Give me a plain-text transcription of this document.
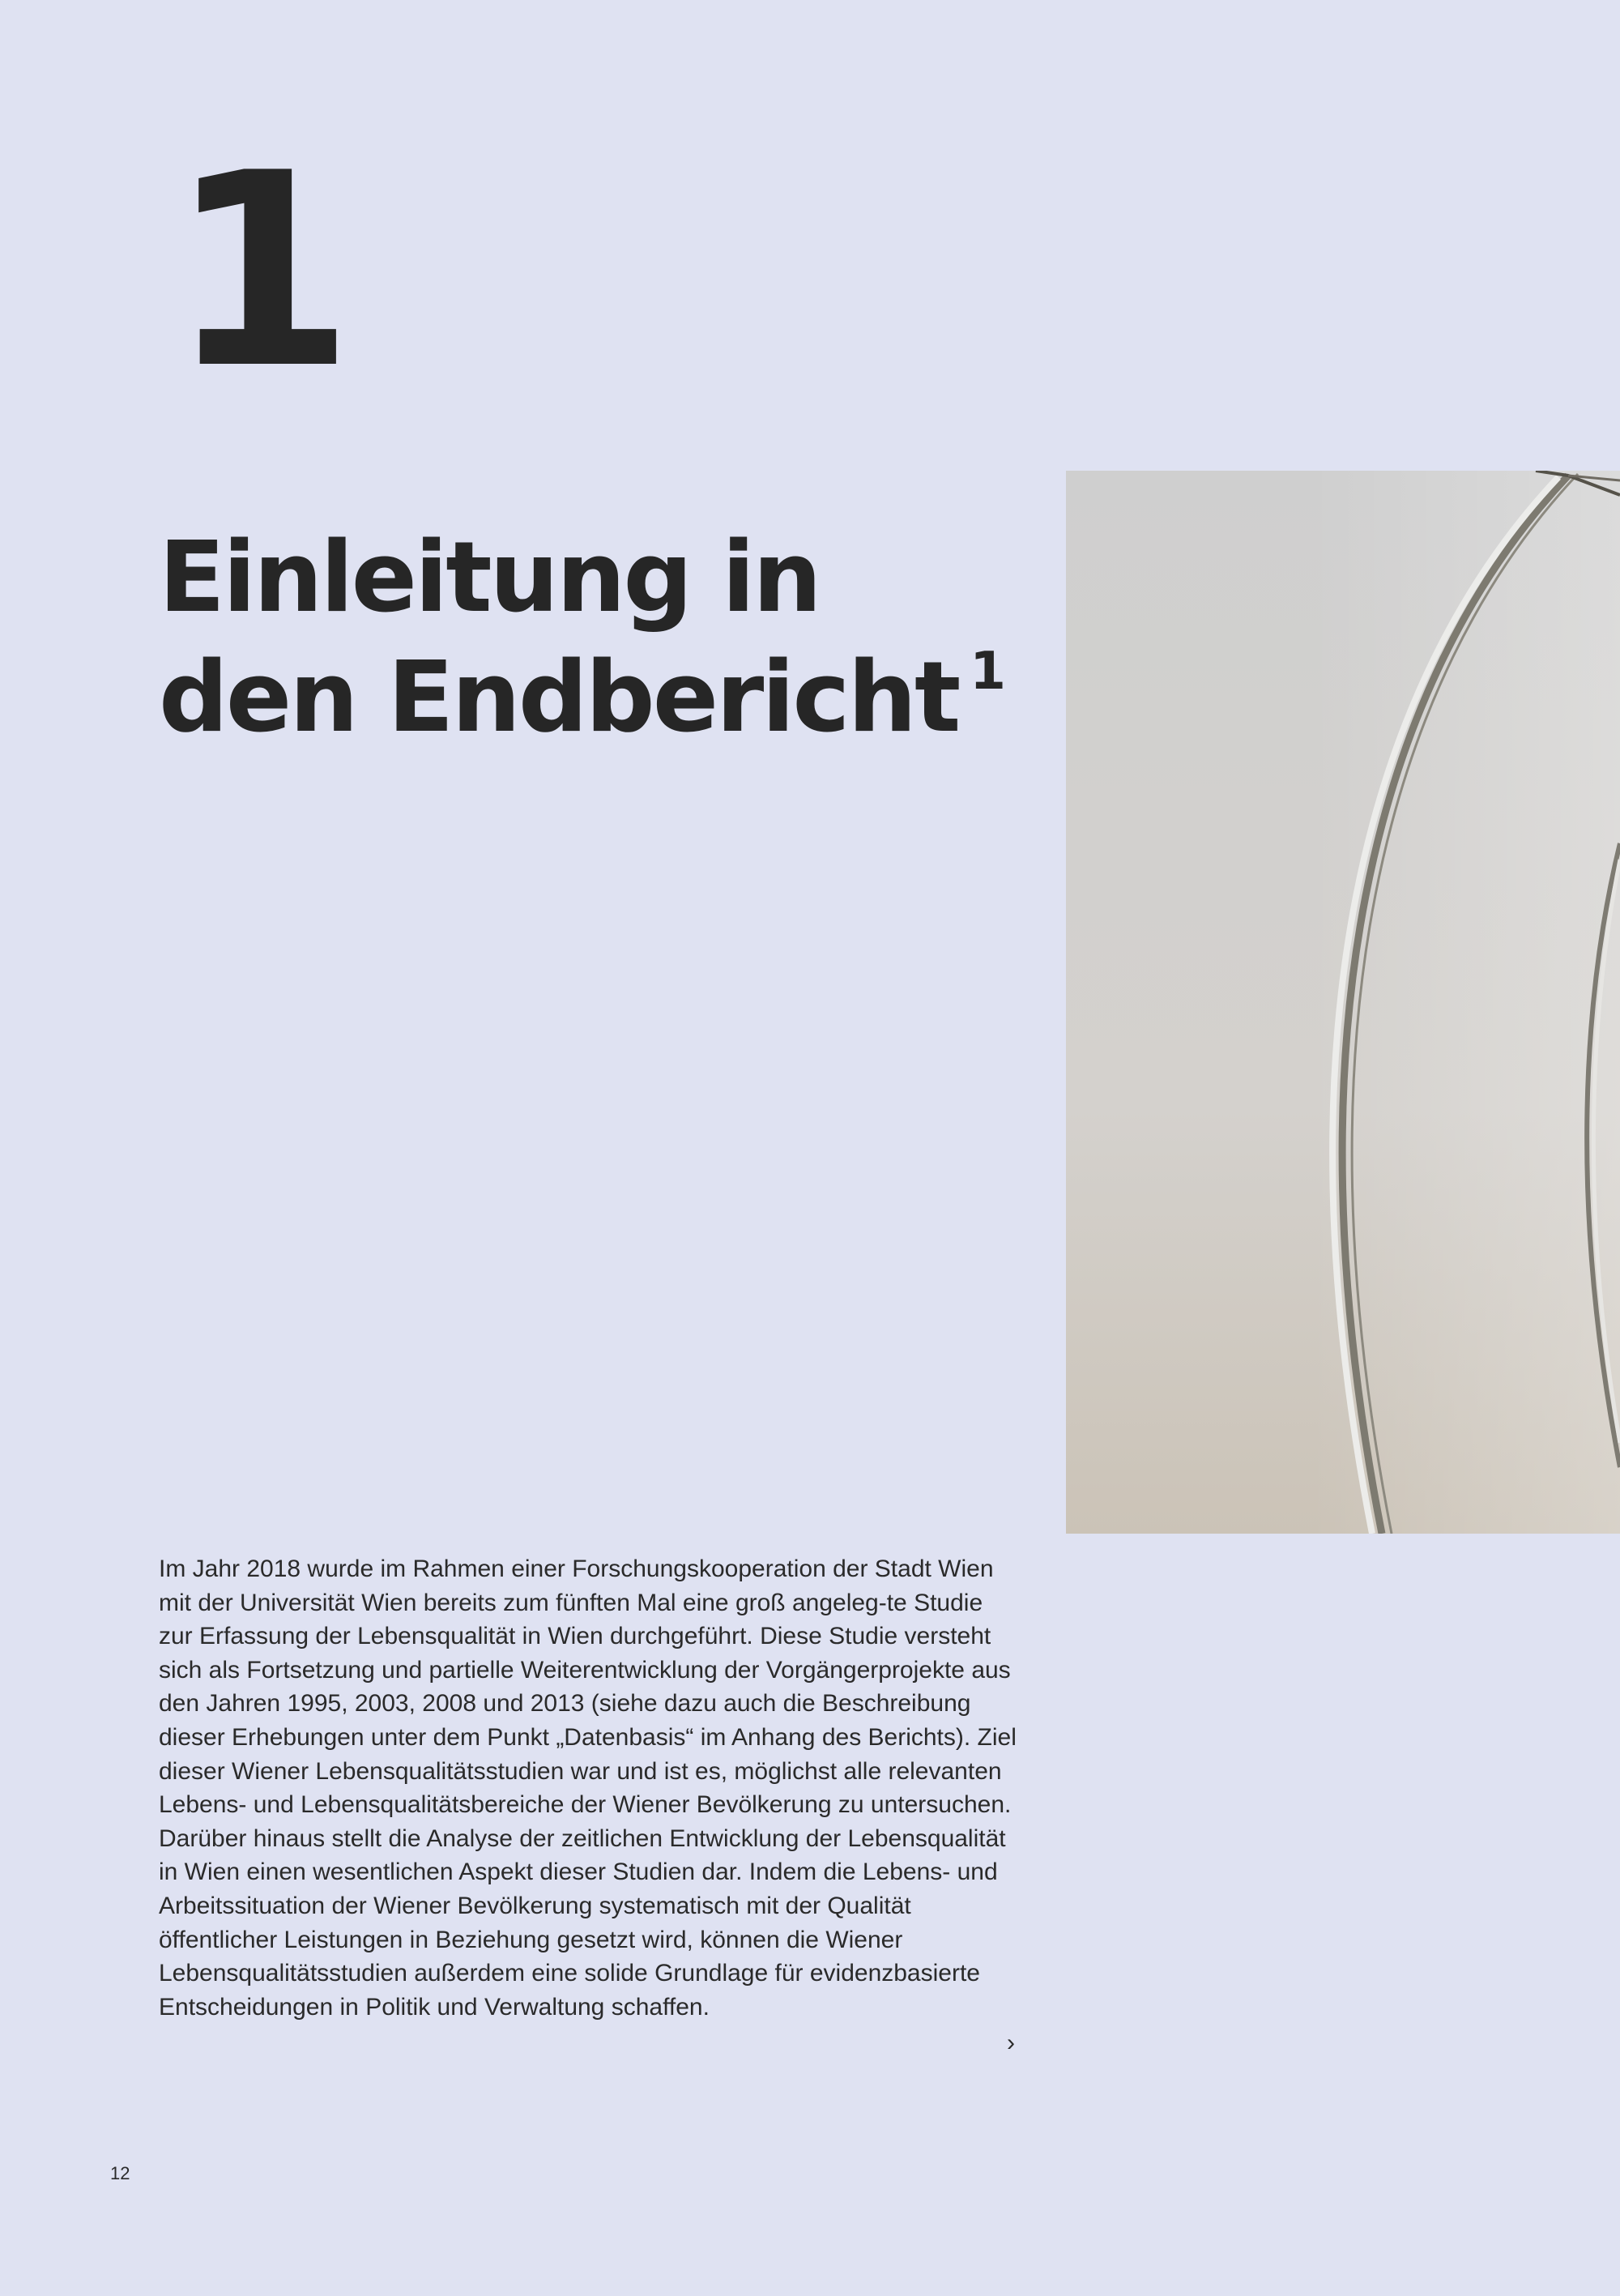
1
Einleitung in
den Endbericht $^1$

Im Jahr 2018 wurde im Rahmen einer Forschungskooperation der Stadt Wien mit der Universität Wien bereits zum fünften Mal eine groß angeleg-te Studie zur Erfassung der Lebensqualität in Wien durchgeführt. Diese Studie versteht sich als Fortsetzung und partielle Weiterentwicklung der Vorgängerprojekte aus den Jahren 1995, 2003, 2008 und 2013 (siehe dazu auch die Beschreibung dieser Erhebungen unter dem Punkt „Datenbasis“ im Anhang des Berichts). Ziel dieser Wiener Lebensqualitätsstudien war und ist es, möglichst alle relevanten Lebens- und Lebensqualitätsbereiche der Wiener Bevölkerung zu untersuchen. Darüber hinaus stellt die Analyse der zeitlichen Entwicklung der Lebensqualität in Wien einen wesentlichen Aspekt dieser Studien dar. Indem die Lebens- und Arbeitssituation der Wiener Bevölkerung systematisch mit der Qualität öffentlicher Leistungen in Beziehung gesetzt wird, können die Wiener Lebensqualitätsstudien außerdem eine solide Grundlage für evidenzbasierte Entscheidungen in Politik und Verwaltung schaffen.

›
12
